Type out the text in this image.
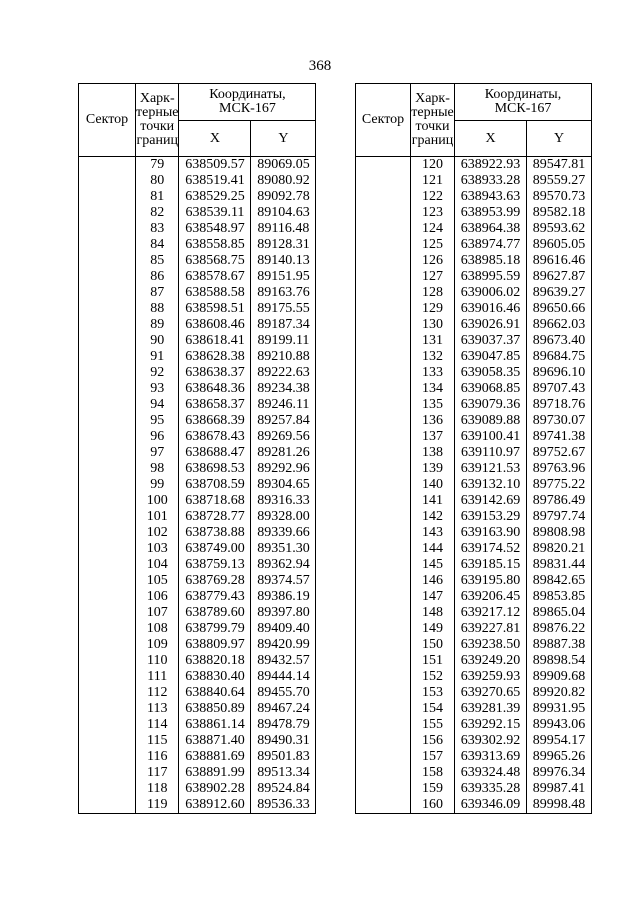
368
Сектор	Харк-
терные
точки
границ	Координаты,
МСК-167	
		X	Y
	79	638509.57	89069.05
	80	638519.41	89080.92
	81	638529.25	89092.78
	82	638539.11	89104.63
	83	638548.97	89116.48
	84	638558.85	89128.31
	85	638568.75	89140.13
	86	638578.67	89151.95
	87	638588.58	89163.76
	88	638598.51	89175.55
	89	638608.46	89187.34
	90	638618.41	89199.11
	91	638628.38	89210.88
	92	638638.37	89222.63
	93	638648.36	89234.38
	94	638658.37	89246.11
	95	638668.39	89257.84
	96	638678.43	89269.56
	97	638688.47	89281.26
	98	638698.53	89292.96
	99	638708.59	89304.65
	100	638718.68	89316.33
	101	638728.77	89328.00
	102	638738.88	89339.66
	103	638749.00	89351.30
	104	638759.13	89362.94
	105	638769.28	89374.57
	106	638779.43	89386.19
	107	638789.60	89397.80
	108	638799.79	89409.40
	109	638809.97	89420.99
	110	638820.18	89432.57
	111	638830.40	89444.14
	112	638840.64	89455.70
	113	638850.89	89467.24
	114	638861.14	89478.79
	115	638871.40	89490.31
	116	638881.69	89501.83
	117	638891.99	89513.34
	118	638902.28	89524.84
	119	638912.60	89536.33
Сектор	Харк-
терные
точки
границ	Координаты,
МСК-167	
		X	Y
	120	638922.93	89547.81
	121	638933.28	89559.27
	122	638943.63	89570.73
	123	638953.99	89582.18
	124	638964.38	89593.62
	125	638974.77	89605.05
	126	638985.18	89616.46
	127	638995.59	89627.87
	128	639006.02	89639.27
	129	639016.46	89650.66
	130	639026.91	89662.03
	131	639037.37	89673.40
	132	639047.85	89684.75
	133	639058.35	89696.10
	134	639068.85	89707.43
	135	639079.36	89718.76
	136	639089.88	89730.07
	137	639100.41	89741.38
	138	639110.97	89752.67
	139	639121.53	89763.96
	140	639132.10	89775.22
	141	639142.69	89786.49
	142	639153.29	89797.74
	143	639163.90	89808.98
	144	639174.52	89820.21
	145	639185.15	89831.44
	146	639195.80	89842.65
	147	639206.45	89853.85
	148	639217.12	89865.04
	149	639227.81	89876.22
	150	639238.50	89887.38
	151	639249.20	89898.54
	152	639259.93	89909.68
	153	639270.65	89920.82
	154	639281.39	89931.95
	155	639292.15	89943.06
	156	639302.92	89954.17
	157	639313.69	89965.26
	158	639324.48	89976.34
	159	639335.28	89987.41
	160	639346.09	89998.48
